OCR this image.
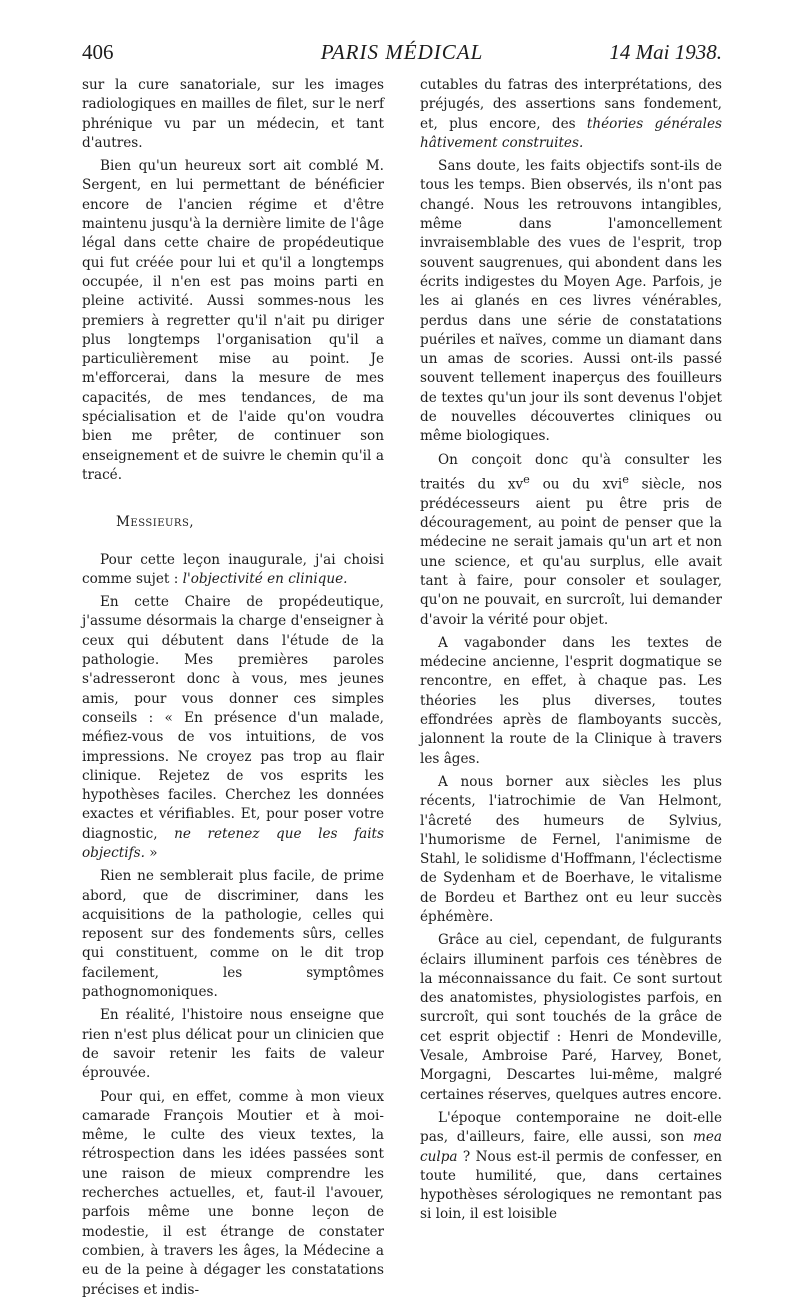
406	PARIS MÉDICAL	14 Mai 1938.

sur la cure sanatoriale, sur les images radiologiques en mailles de filet, sur le nerf phrénique vu par un médecin, et tant d'autres.

Bien qu'un heureux sort ait comblé M. Sergent, en lui permettant de bénéficier encore de l'ancien régime et d'être maintenu jusqu'à la dernière limite de l'âge légal dans cette chaire de propédeutique qui fut créée pour lui et qu'il a longtemps occupée, il n'en est pas moins parti en pleine activité. Aussi sommes-nous les premiers à regretter qu'il n'ait pu diriger plus longtemps l'organisation qu'il a particulièrement mise au point. Je m'efforcerai, dans la mesure de mes capacités, de mes tendances, de ma spécialisation et de l'aide qu'on voudra bien me prêter, de continuer son enseignement et de suivre le chemin qu'il a tracé.

Messieurs,

Pour cette leçon inaugurale, j'ai choisi comme sujet : l'objectivité en clinique.

En cette Chaire de propédeutique, j'assume désormais la charge d'enseigner à ceux qui débutent dans l'étude de la pathologie. Mes premières paroles s'adresseront donc à vous, mes jeunes amis, pour vous donner ces simples conseils : « En présence d'un malade, méfiez-vous de vos intuitions, de vos impressions. Ne croyez pas trop au flair clinique. Rejetez de vos esprits les hypothèses faciles. Cherchez les données exactes et vérifiables. Et, pour poser votre diagnostic, ne retenez que les faits objectifs. »

Rien ne semblerait plus facile, de prime abord, que de discriminer, dans les acquisitions de la pathologie, celles qui reposent sur des fondements sûrs, celles qui constituent, comme on le dit trop facilement, les symptômes pathognomoniques.

En réalité, l'histoire nous enseigne que rien n'est plus délicat pour un clinicien que de savoir retenir les faits de valeur éprouvée.

Pour qui, en effet, comme à mon vieux camarade François Moutier et à moi-même, le culte des vieux textes, la rétrospection dans les idées passées sont une raison de mieux comprendre les recherches actuelles, et, faut-il l'avouer, parfois même une bonne leçon de modestie, il est étrange de constater combien, à travers les âges, la Médecine a eu de la peine à dégager les constatations précises et indis-

cutables du fatras des interprétations, des préjugés, des assertions sans fondement, et, plus encore, des théories générales hâtivement construites.

Sans doute, les faits objectifs sont-ils de tous les temps. Bien observés, ils n'ont pas changé. Nous les retrouvons intangibles, même dans l'amoncellement invraisemblable des vues de l'esprit, trop souvent saugrenues, qui abondent dans les écrits indigestes du Moyen Age. Parfois, je les ai glanés en ces livres vénérables, perdus dans une série de constatations puériles et naïves, comme un diamant dans un amas de scories. Aussi ont-ils passé souvent tellement inaperçus des fouilleurs de textes qu'un jour ils sont devenus l'objet de nouvelles découvertes cliniques ou même biologiques.

On conçoit donc qu'à consulter les traités du $xv^e$ ou du xvi$^e$ siècle, nos prédécesseurs aient pu être pris de découragement, au point de penser que la médecine ne serait jamais qu'un art et non une science, et qu'au surplus, elle avait tant à faire, pour consoler et soulager, qu'on ne pouvait, en surcroît, lui demander d'avoir la vérité pour objet.

A vagabonder dans les textes de médecine ancienne, l'esprit dogmatique se rencontre, en effet, à chaque pas. Les théories les plus diverses, toutes effondrées après de flamboyants succès, jalonnent la route de la Clinique à travers les âges.

A nous borner aux siècles les plus récents, l'iatrochimie de Van Helmont, l'âcreté des humeurs de Sylvius, l'humorisme de Fernel, l'animisme de Stahl, le solidisme d'Hoffmann, l'éclectisme de Sydenham et de Boerhave, le vitalisme de Bordeu et Barthez ont eu leur succès éphémère.

Grâce au ciel, cependant, de fulgurants éclairs illuminent parfois ces ténèbres de la méconnaissance du fait. Ce sont surtout des anatomistes, physiologistes parfois, en surcroît, qui sont touchés de la grâce de cet esprit objectif : Henri de Mondeville, Vesale, Ambroise Paré, Harvey, Bonet, Morgagni, Descartes lui-même, malgré certaines réserves, quelques autres encore.

L'époque contemporaine ne doit-elle pas, d'ailleurs, faire, elle aussi, son mea culpa ? Nous est-il permis de confesser, en toute humilité, que, dans certaines hypothèses sérologiques ne remontant pas si loin, il est loisible
